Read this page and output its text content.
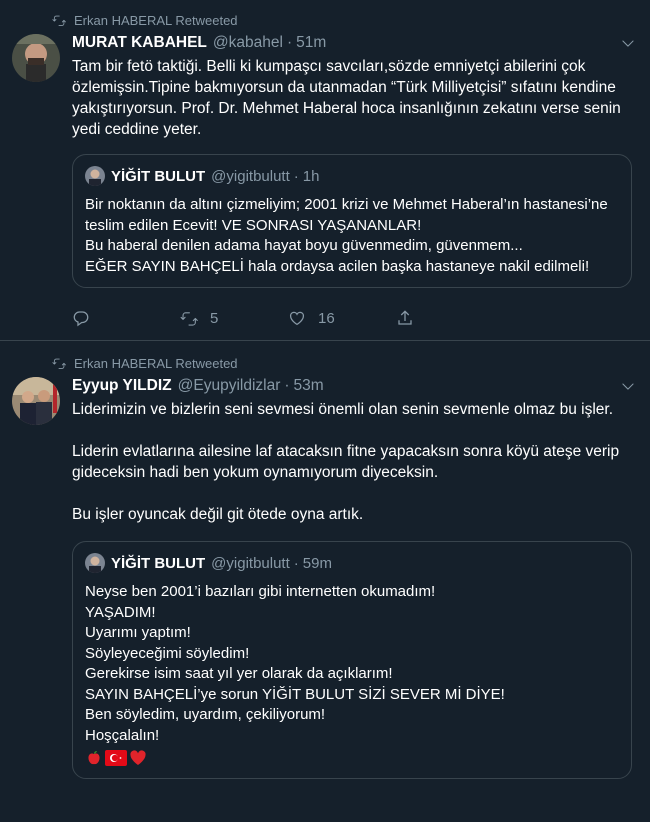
Erkan HABERAL Retweeted
MURAT KABAHEL @kabahel · 51m
Tam bir fetö taktiği. Belli ki kumpaşcı savcıları,sözde emniyetçi abilerini çok özlemişsin.Tipine bakmıyorsun da utanmadan “Türk Milliyetçisi” sıfatını kendine yakıştırıyorsun. Prof. Dr. Mehmet Haberal hoca insanlığının zekatını verse senin yedi ceddine yeter.
YİĞİT BULUT @yigitbulutt · 1h
Bir noktanın da altını çizmeliyim; 2001 krizi ve Mehmet Haberal’ın hastanesi’ne teslim edilen Ecevit! VE SONRASI YAŞANANLAR!
Bu haberal denilen adama hayat boyu güvenmedim, güvenmem...
EĞER SAYIN BAHÇELİ hala ordaysa acilen başka hastaneye nakil edilmeli!
5	16
Erkan HABERAL Retweeted
Eyyup YILDIZ @Eyupyildizlar · 53m
Liderimizin ve bizlerin seni sevmesi önemli olan senin sevmenle olmaz bu işler.

Liderin evlatlarına ailesine laf atacaksın fitne yapacaksın sonra köyü ateşe verip gideceksin hadi ben yokum oynamıyorum diyeceksin.

Bu işler oyuncak değil git ötede oyna artık.
YİĞİT BULUT @yigitbulutt · 59m
Neyse ben 2001’i bazıları gibi internetten okumadım!
YAŞADIM!
Uyarımı yaptım!
Söyleyeceğimi söyledim!
Gerekirse isim saat yıl yer olarak da açıklarım!
SAYIN BAHÇELİ’ye sorun YİĞİT BULUT SİZİ SEVER Mİ DİYE!
Ben söyledim, uyardım, çekiliyorum!
Hoşçalalın!
